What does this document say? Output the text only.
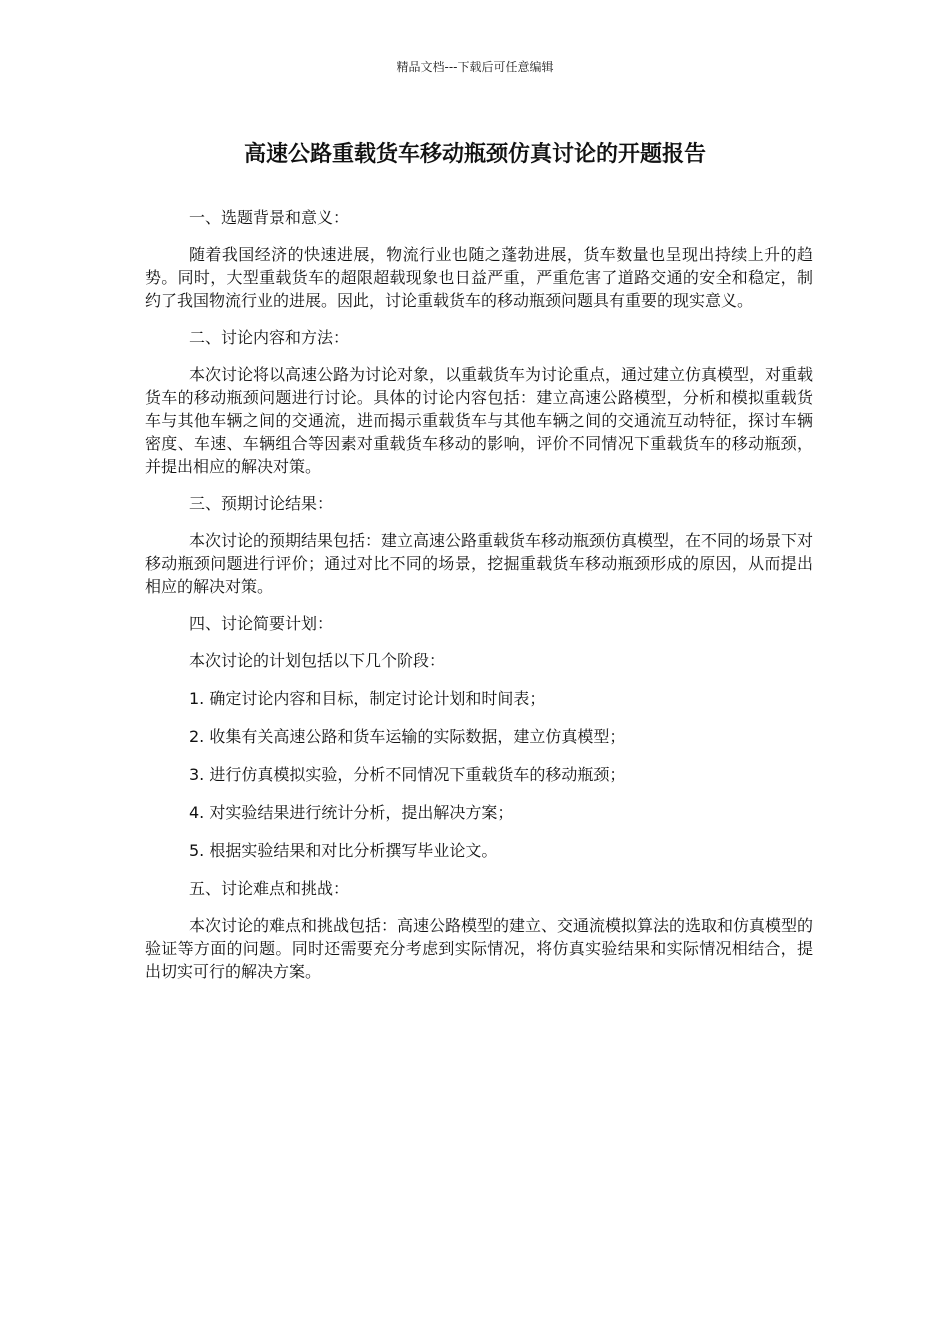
精品文档---下载后可任意编辑
高速公路重载货车移动瓶颈仿真讨论的开题报告
一、选题背景和意义：
随着我国经济的快速进展，物流行业也随之蓬勃进展，货车数量也呈现出持续上升的趋势。同时，大型重载货车的超限超载现象也日益严重，严重危害了道路交通的安全和稳定，制约了我国物流行业的进展。因此，讨论重载货车的移动瓶颈问题具有重要的现实意义。
二、讨论内容和方法：
本次讨论将以高速公路为讨论对象，以重载货车为讨论重点，通过建立仿真模型，对重载货车的移动瓶颈问题进行讨论。具体的讨论内容包括：建立高速公路模型，分析和模拟重载货车与其他车辆之间的交通流，进而揭示重载货车与其他车辆之间的交通流互动特征，探讨车辆密度、车速、车辆组合等因素对重载货车移动的影响，评价不同情况下重载货车的移动瓶颈，并提出相应的解决对策。
三、预期讨论结果：
本次讨论的预期结果包括：建立高速公路重载货车移动瓶颈仿真模型，在不同的场景下对移动瓶颈问题进行评价；通过对比不同的场景，挖掘重载货车移动瓶颈形成的原因，从而提出相应的解决对策。
四、讨论简要计划：
本次讨论的计划包括以下几个阶段：
1. 确定讨论内容和目标，制定讨论计划和时间表；
2. 收集有关高速公路和货车运输的实际数据，建立仿真模型；
3. 进行仿真模拟实验，分析不同情况下重载货车的移动瓶颈；
4. 对实验结果进行统计分析，提出解决方案；
5. 根据实验结果和对比分析撰写毕业论文。
五、讨论难点和挑战：
本次讨论的难点和挑战包括：高速公路模型的建立、交通流模拟算法的选取和仿真模型的验证等方面的问题。同时还需要充分考虑到实际情况，将仿真实验结果和实际情况相结合，提出切实可行的解决方案。
